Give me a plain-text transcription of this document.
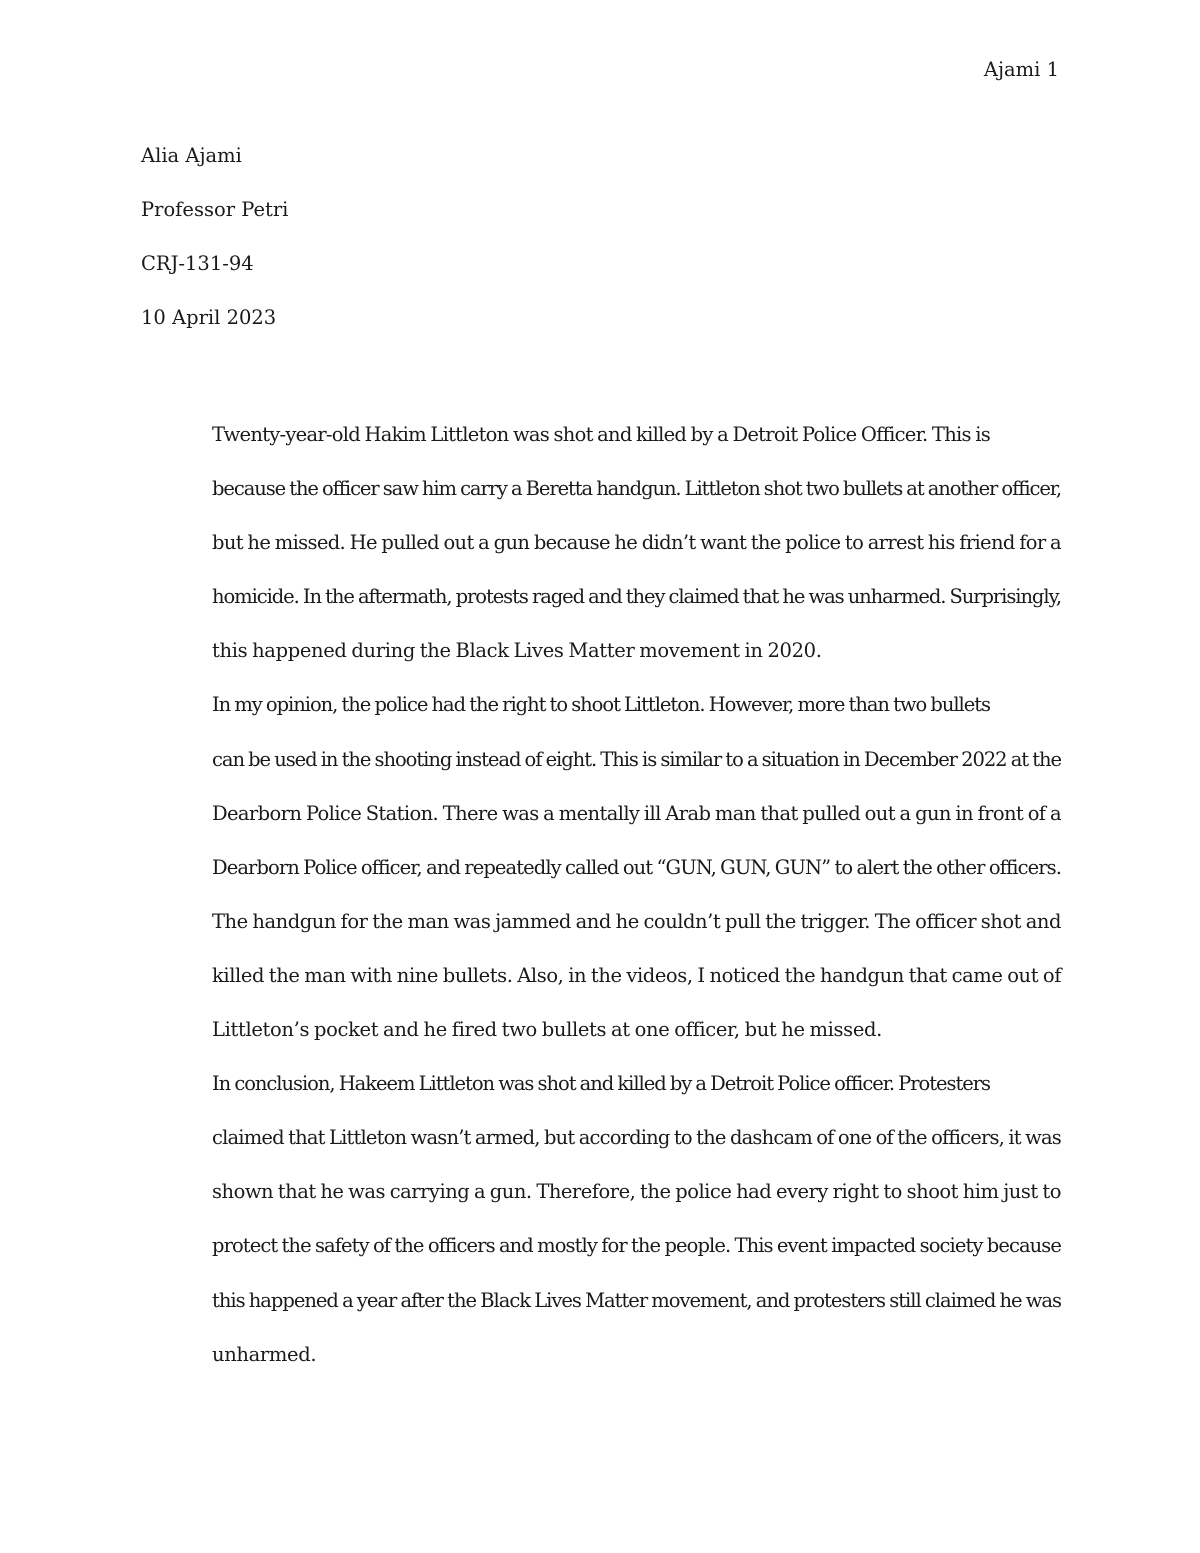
Ajami 1
Alia Ajami
Professor Petri
CRJ-131-94
10 April 2023

Twenty-year-old Hakim Littleton was shot and killed by a Detroit Police Officer. This is
because the officer saw him carry a Beretta handgun. Littleton shot two bullets at another officer,
but he missed. He pulled out a gun because he didn’t want the police to arrest his friend for a
homicide. In the aftermath, protests raged and they claimed that he was unharmed. Surprisingly,
this happened during the Black Lives Matter movement in 2020.

In my opinion, the police had the right to shoot Littleton. However, more than two bullets
can be used in the shooting instead of eight. This is similar to a situation in December 2022 at the
Dearborn Police Station. There was a mentally ill Arab man that pulled out a gun in front of a
Dearborn Police officer, and repeatedly called out “GUN, GUN, GUN” to alert the other officers.
The handgun for the man was jammed and he couldn’t pull the trigger. The officer shot and
killed the man with nine bullets. Also, in the videos, I noticed the handgun that came out of
Littleton’s pocket and he fired two bullets at one officer, but he missed.

In conclusion, Hakeem Littleton was shot and killed by a Detroit Police officer. Protesters
claimed that Littleton wasn’t armed, but according to the dashcam of one of the officers, it was
shown that he was carrying a gun. Therefore, the police had every right to shoot him just to
protect the safety of the officers and mostly for the people. This event impacted society because
this happened a year after the Black Lives Matter movement, and protesters still claimed he was
unharmed.
